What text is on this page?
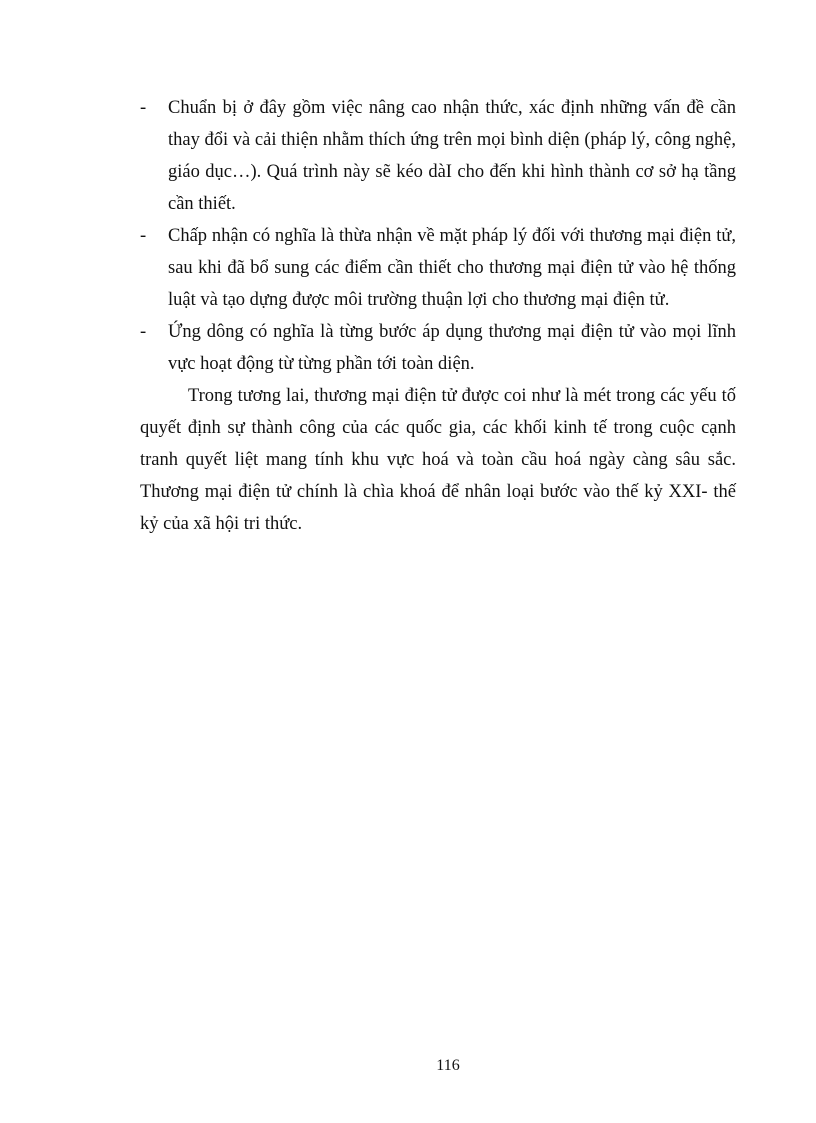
-	Chuẩn bị ở đây gồm việc nâng cao nhận thức, xác định những vấn đề cần thay đổi và cải thiện nhằm thích ứng trên mọi bình diện (pháp lý, công nghệ, giáo dục…). Quá trình này sẽ kéo dàI cho đến khi hình thành cơ sở hạ tầng cần thiết.
-	Chấp nhận có nghĩa là thừa nhận về mặt pháp lý đối với thương mại điện tử, sau khi đã bổ sung các điểm cần thiết cho thương mại điện tử vào hệ thống luật và tạo dựng được môi trường thuận lợi cho thương mại điện tử.
-	Ứng dông có nghĩa là từng bước áp dụng thương mại điện tử vào mọi lĩnh vực hoạt động từ từng phần tới toàn diện.

Trong tương lai, thương mại điện tử được coi như là mét trong các yếu tố quyết định sự thành công của các quốc gia, các khối kinh tế trong cuộc cạnh tranh quyết liệt mang tính khu vực hoá và toàn cầu hoá ngày càng sâu sắc. Thương mại điện tử chính là chìa khoá để nhân loại bước vào thế kỷ XXI- thế kỷ của xã hội tri thức.

116
